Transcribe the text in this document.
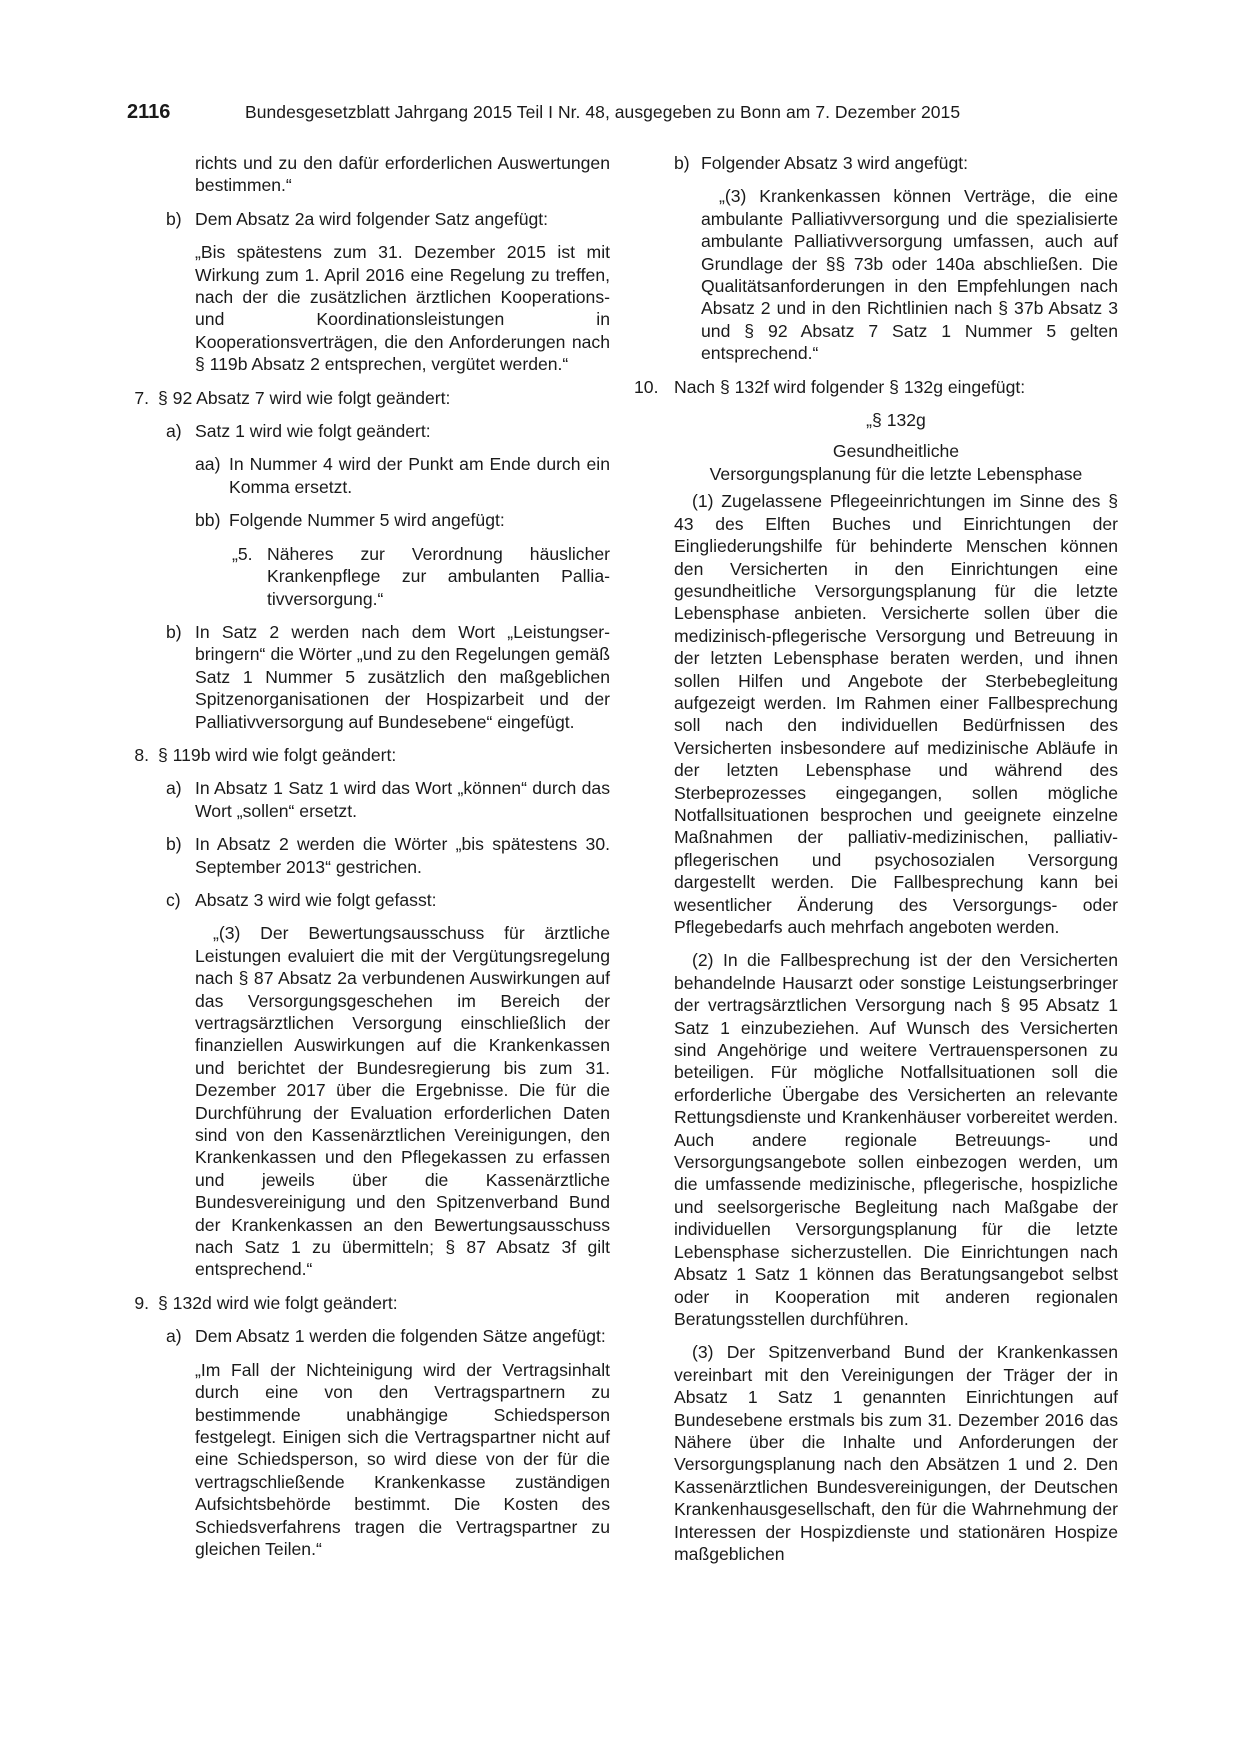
2116	Bundesgesetzblatt Jahrgang 2015 Teil I Nr. 48, ausgegeben zu Bonn am 7. Dezember 2015

richts und zu den dafür erforderlichen Auswertungen bestimmen.“

b) Dem Absatz 2a wird folgender Satz angefügt:

„Bis spätestens zum 31. Dezember 2015 ist mit Wirkung zum 1. April 2016 eine Regelung zu treffen, nach der die zusätzlichen ärztlichen Kooperations- und Koordinationsleistungen in Kooperationsverträgen, die den Anforderungen nach § 119b Absatz 2 entsprechen, vergütet werden.“

7. § 92 Absatz 7 wird wie folgt geändert:
a) Satz 1 wird wie folgt geändert:
aa) In Nummer 4 wird der Punkt am Ende durch ein Komma ersetzt.
bb) Folgende Nummer 5 wird angefügt:
„5. Näheres zur Verordnung häuslicher Krankenpflege zur ambulanten Palliativversorgung.“
b) In Satz 2 werden nach dem Wort „Leistungserbringern“ die Wörter „und zu den Regelungen gemäß Satz 1 Nummer 5 zusätzlich den maßgeblichen Spitzenorganisationen der Hospizarbeit und der Palliativversorgung auf Bundesebene“ eingefügt.
8. § 119b wird wie folgt geändert:
a) In Absatz 1 Satz 1 wird das Wort „können“ durch das Wort „sollen“ ersetzt.
b) In Absatz 2 werden die Wörter „bis spätestens 30. September 2013“ gestrichen.
c) Absatz 3 wird wie folgt gefasst:

„(3) Der Bewertungsausschuss für ärztliche Leistungen evaluiert die mit der Vergütungsregelung nach § 87 Absatz 2a verbundenen Auswirkungen auf das Versorgungsgeschehen im Bereich der vertragsärztlichen Versorgung einschließlich der finanziellen Auswirkungen auf die Krankenkassen und berichtet der Bundesregierung bis zum 31. Dezember 2017 über die Ergebnisse. Die für die Durchführung der Evaluation erforderlichen Daten sind von den Kassenärztlichen Vereinigungen, den Krankenkassen und den Pflegekassen zu erfassen und jeweils über die Kassenärztliche Bundesvereinigung und den Spitzenverband Bund der Krankenkassen an den Bewertungsausschuss nach Satz 1 zu übermitteln; § 87 Absatz 3f gilt entsprechend.“

9. § 132d wird wie folgt geändert:
a) Dem Absatz 1 werden die folgenden Sätze angefügt:

„Im Fall der Nichteinigung wird der Vertragsinhalt durch eine von den Vertragspartnern zu bestimmende unabhängige Schiedsperson festgelegt. Einigen sich die Vertragspartner nicht auf eine Schiedsperson, so wird diese von der für die vertragschließende Krankenkasse zuständigen Aufsichtsbehörde bestimmt. Die Kosten des Schiedsverfahrens tragen die Vertragspartner zu gleichen Teilen.“

b) Folgender Absatz 3 wird angefügt:

„(3) Krankenkassen können Verträge, die eine ambulante Palliativversorgung und die spezialisierte ambulante Palliativversorgung umfassen, auch auf Grundlage der §§ 73b oder 140a abschließen. Die Qualitätsanforderungen in den Empfehlungen nach Absatz 2 und in den Richtlinien nach § 37b Absatz 3 und § 92 Absatz 7 Satz 1 Nummer 5 gelten entsprechend.“

10. Nach § 132f wird folgender § 132g eingefügt:

„§ 132g

Gesundheitliche

Versorgungsplanung für die letzte Lebensphase

(1) Zugelassene Pflegeeinrichtungen im Sinne des § 43 des Elften Buches und Einrichtungen der Eingliederungshilfe für behinderte Menschen können den Versicherten in den Einrichtungen eine gesundheitliche Versorgungsplanung für die letzte Lebensphase anbieten. Versicherte sollen über die medizinisch-pflegerische Versorgung und Betreuung in der letzten Lebensphase beraten werden, und ihnen sollen Hilfen und Angebote der Sterbebegleitung aufgezeigt werden. Im Rahmen einer Fallbesprechung soll nach den individuellen Bedürfnissen des Versicherten insbesondere auf medizinische Abläufe in der letzten Lebensphase und während des Sterbeprozesses eingegangen, sollen mögliche Notfallsituationen besprochen und geeignete einzelne Maßnahmen der palliativ-medizinischen, palliativ-pflegerischen und psychosozialen Versorgung dargestellt werden. Die Fallbesprechung kann bei wesentlicher Änderung des Versorgungs- oder Pflegebedarfs auch mehrfach angeboten werden.

(2) In die Fallbesprechung ist der den Versicherten behandelnde Hausarzt oder sonstige Leistungserbringer der vertragsärztlichen Versorgung nach § 95 Absatz 1 Satz 1 einzubeziehen. Auf Wunsch des Versicherten sind Angehörige und weitere Vertrauenspersonen zu beteiligen. Für mögliche Notfallsituationen soll die erforderliche Übergabe des Versicherten an relevante Rettungsdienste und Krankenhäuser vorbereitet werden. Auch andere regionale Betreuungs- und Versorgungsangebote sollen einbezogen werden, um die umfassende medizinische, pflegerische, hospizliche und seelsorgerische Begleitung nach Maßgabe der individuellen Versorgungsplanung für die letzte Lebensphase sicherzustellen. Die Einrichtungen nach Absatz 1 Satz 1 können das Beratungsangebot selbst oder in Kooperation mit anderen regionalen Beratungsstellen durchführen.

(3) Der Spitzenverband Bund der Krankenkassen vereinbart mit den Vereinigungen der Träger der in Absatz 1 Satz 1 genannten Einrichtungen auf Bundesebene erstmals bis zum 31. Dezember 2016 das Nähere über die Inhalte und Anforderungen der Versorgungsplanung nach den Absätzen 1 und 2. Den Kassenärztlichen Bundesvereinigungen, der Deutschen Krankenhausgesellschaft, den für die Wahrnehmung der Interessen der Hospizdienste und stationären Hospize maßgeblichen
